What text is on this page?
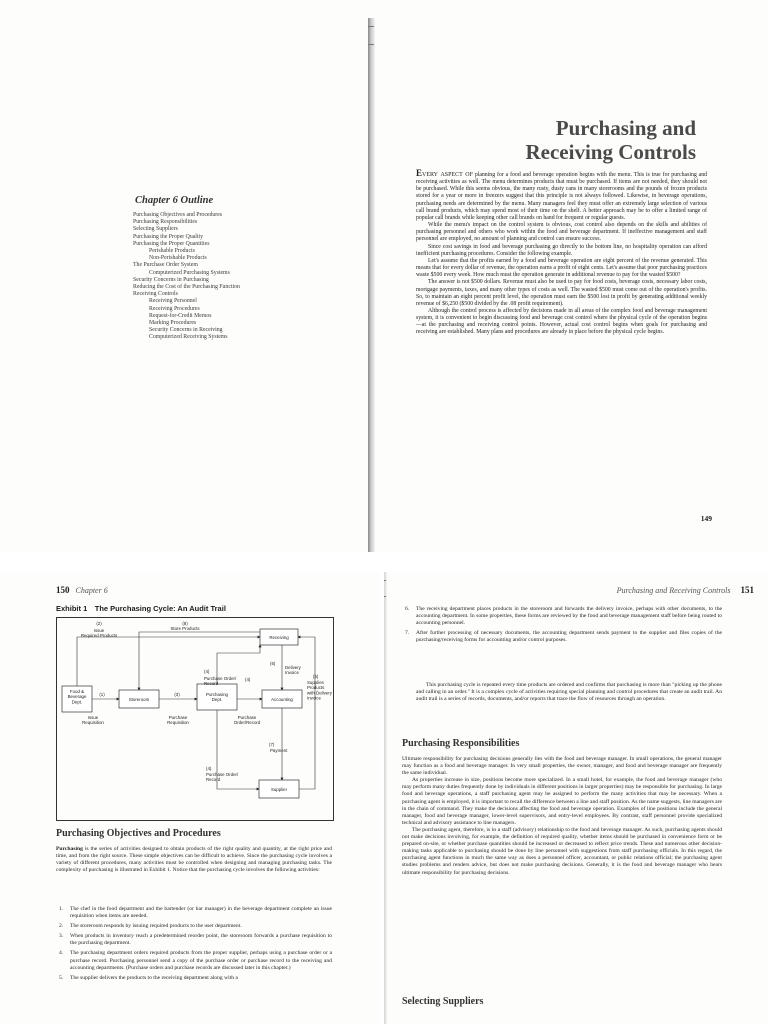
Purchasing and
Receiving Controls
Chapter 6 Outline
Purchasing Objectives and Procedures
Purchasing Responsibilities
Selecting Suppliers
Purchasing the Proper Quality
Purchasing the Proper Quantities
Perishable Products
Non-Perishable Products
The Purchase Order System
Computerized Purchasing Systems
Security Concerns in Purchasing
Reducing the Cost of the Purchasing Function
Receiving Controls
Receiving Personnel
Receiving Procedures
Request-for-Credit Memos
Marking Procedures
Security Concerns in Receiving
Computerized Receiving Systems

Every aspect of planning for a food and beverage operation begins with the menu. This is true for purchasing and receiving activities as well. The menu determines products that must be purchased. If items are not needed, they should not be purchased. While this seems obvious, the many rusty, dusty cans in many storerooms and the pounds of frozen products stored for a year or more in freezers suggest that this principle is not always followed. Likewise, in beverage operations, purchasing needs are determined by the menu. Many managers feel they must offer an extremely large selection of various call brand products, which may spend most of their time on the shelf. A better approach may be to offer a limited range of popular call brands while keeping other call brands on hand for frequent or regular guests.

While the menu's impact on the control system is obvious, cost control also depends on the skills and abilities of purchasing personnel and others who work within the food and beverage department. If ineffective management and staff personnel are employed, no amount of planning and control can ensure success.

Since cost savings in food and beverage purchasing go directly to the bottom line, no hospitality operation can afford inefficient purchasing procedures. Consider the following example.

Let's assume that the profits earned by a food and beverage operation are eight percent of the revenue generated. This means that for every dollar of revenue, the operation earns a profit of eight cents. Let's assume that poor purchasing practices waste $500 every week. How much must the operation generate in additional revenue to pay for the wasted $500?

The answer is not $500 dollars. Revenue must also be used to pay for food costs, beverage costs, necessary labor costs, mortgage payments, taxes, and many other types of costs as well. The wasted $500 must come out of the operation's profits. So, to maintain an eight percent profit level, the operation must earn the $500 lost in profit by generating additional weekly revenue of $6,250 ($500 divided by the .08 profit requirement).

Although the control process is affected by decisions made in all areas of the complex food and beverage management system, it is convenient to begin discussing food and beverage cost control where the physical cycle of the operation begins—at the purchasing and receiving control points. However, actual cost control begins when goals for purchasing and receiving are established. Many plans and procedures are already in place before the physical cycle begins.

149
150 Chapter 6
Exhibit 1 The Purchasing Cycle: An Audit Trail
(2)	(8)
(4)
(6)
(1)	(3)
(4)
(5)
(7)
(4)
Issue
Required Products
Store Products
Receiving
Purchase Order/
Record
Delivery
Invoice
Food &
Beverage
Dept.	Storeroom
Purchasing
Dept.	Accounting
Supplies
Products
with Delivery
Invoice
Issue
Requisition
Purchase
Requisition
Purchase
Order/Record
Payment
Purchase Order/
Record
Supplier
Purchasing Objectives and Procedures

Purchasing is the series of activities designed to obtain products of the right quality and quantity, at the right price and time, and from the right source. These simple objectives can be difficult to achieve. Since the purchasing cycle involves a variety of different procedures, many activities must be controlled when designing and managing purchasing tasks. The complexity of purchasing is illustrated in Exhibit 1. Notice that the purchasing cycle involves the following activities:

1. The chef in the food department and the bartender (or bar manager) in the beverage department complete an issue requisition when items are needed.
2. The storeroom responds by issuing required products to the user department.
3. When products in inventory reach a predetermined reorder point, the storeroom forwards a purchase requisition to the purchasing department.
4. The purchasing department orders required products from the proper supplier, perhaps using a purchase order or a purchase record. Purchasing personnel send a copy of the purchase order or purchase record to the receiving and accounting departments. (Purchase orders and purchase records are discussed later in this chapter.)
5. The supplier delivers the products to the receiving department along with a
Purchasing and Receiving Controls 151
6. The receiving department places products in the storeroom and forwards the delivery invoice, perhaps with other documents, to the accounting department. In some properties, these forms are reviewed by the food and beverage management staff before being routed to accounting personnel.
7. After further processing of necessary documents, the accounting department sends payment to the supplier and files copies of the purchasing/receiving forms for accounting and/or control purposes.

This purchasing cycle is repeated every time products are ordered and confirms that purchasing is more than "picking up the phone and calling in an order." It is a complex cycle of activities requiring special planning and control procedures that create an audit trail. An audit trail is a series of records, documents, and/or reports that trace the flow of resources through an operation.

Purchasing Responsibilities

Ultimate responsibility for purchasing decisions generally lies with the food and beverage manager. In small operations, the general manager may function as a food and beverage manager. In very small properties, the owner, manager, and food and beverage manager are frequently the same individual.

As properties increase in size, positions become more specialized. In a small hotel, for example, the food and beverage manager (who may perform many duties frequently done by individuals in different positions in larger properties) may be responsible for purchasing. In large food and beverage operations, a staff purchasing agent may be assigned to perform the many activities that may be necessary. When a purchasing agent is employed, it is important to recall the difference between a line and staff position. As the name suggests, line managers are in the chain of command. They make the decisions affecting the food and beverage operation. Examples of line positions include the general manager, food and beverage manager, lower-level supervisors, and entry-level employees. By contrast, staff personnel provide specialized technical and advisory assistance to line managers.

The purchasing agent, therefore, is in a staff (advisory) relationship to the food and beverage manager. As such, purchasing agents should not make decisions involving, for example, the definition of required quality, whether items should be purchased in convenience form or be prepared on-site, or whether purchase quantities should be increased or decreased to reflect price trends. These and numerous other decision-making tasks applicable to purchasing should be done by line personnel with suggestions from staff purchasing officials. In this regard, the purchasing agent functions in much the same way as does a personnel officer, accountant, or public relations official; the purchasing agent studies problems and renders advice, but does not make purchasing decisions. Generally, it is the food and beverage manager who bears ultimate responsibility for purchasing decisions.

Selecting Suppliers
